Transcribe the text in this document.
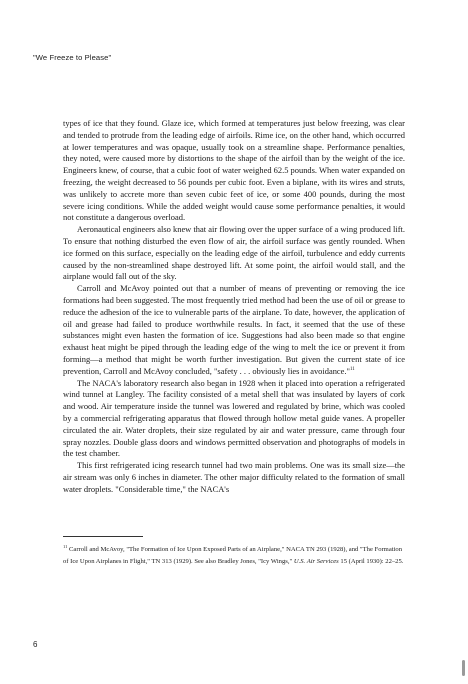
"We Freeze to Please"

types of ice that they found. Glaze ice, which formed at temperatures just below freezing, was clear and tended to protrude from the leading edge of airfoils. Rime ice, on the other hand, which occurred at lower temperatures and was opaque, usually took on a streamline shape. Performance penalties, they noted, were caused more by distortions to the shape of the airfoil than by the weight of the ice. Engineers knew, of course, that a cubic foot of water weighed 62.5 pounds. When water expanded on freezing, the weight decreased to 56 pounds per cubic foot. Even a biplane, with its wires and struts, was unlikely to accrete more than seven cubic feet of ice, or some 400 pounds, during the most severe icing conditions. While the added weight would cause some performance penalties, it would not constitute a dangerous overload.

Aeronautical engineers also knew that air flowing over the upper surface of a wing produced lift. To ensure that nothing disturbed the even flow of air, the airfoil surface was gently rounded. When ice formed on this surface, especially on the leading edge of the airfoil, turbulence and eddy currents caused by the non-streamlined shape destroyed lift. At some point, the airfoil would stall, and the airplane would fall out of the sky.

Carroll and McAvoy pointed out that a number of means of preventing or removing the ice formations had been suggested. The most frequently tried method had been the use of oil or grease to reduce the adhesion of the ice to vulnerable parts of the airplane. To date, however, the application of oil and grease had failed to produce worthwhile results. In fact, it seemed that the use of these substances might even hasten the formation of ice. Suggestions had also been made so that engine exhaust heat might be piped through the leading edge of the wing to melt the ice or prevent it from forming—a method that might be worth further investigation. But given the current state of ice prevention, Carroll and McAvoy concluded, "safety . . . obviously lies in avoidance."$^{11}$

The NACA's laboratory research also began in 1928 when it placed into operation a refrigerated wind tunnel at Langley. The facility consisted of a metal shell that was insulated by layers of cork and wood. Air temperature inside the tunnel was lowered and regulated by brine, which was cooled by a commercial refrigerating apparatus that flowed through hollow metal guide vanes. A propeller circulated the air. Water droplets, their size regulated by air and water pressure, came through four spray nozzles. Double glass doors and windows permitted observation and photographs of models in the test chamber.

This first refrigerated icing research tunnel had two main problems. One was its small size—the air stream was only 6 inches in diameter. The other major difficulty related to the formation of small water droplets. "Considerable time," the NACA's

$^{11}$ Carroll and McAvoy, "The Formation of Ice Upon Exposed Parts of an Airplane," NACA TN 293 (1928), and "The Formation of Ice Upon Airplanes in Flight," TN 313 (1929). See also Bradley Jones, "Icy Wings," U.S. Air Services 15 (April 1930): 22–25.
6
